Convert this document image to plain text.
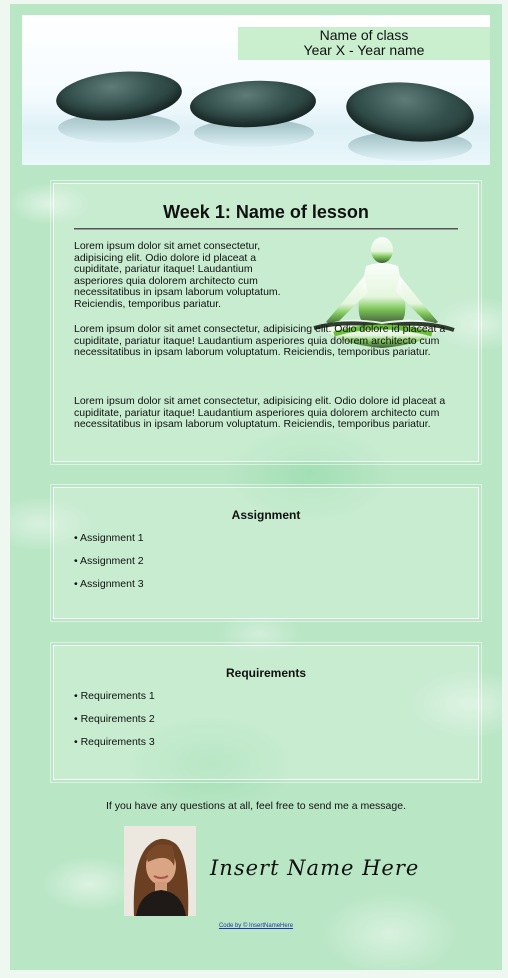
Name of class
Year X - Year name
Week 1: Name of lesson
Lorem ipsum dolor sit amet consectetur, adipisicing elit. Odio dolore id placeat a cupiditate, pariatur itaque! Laudantium asperiores quia dolorem architecto cum necessitatibus in ipsam laborum voluptatum. Reiciendis, temporibus pariatur.
Lorem ipsum dolor sit amet consectetur, adipisicing elit. Odio dolore id placeat a cupiditate, pariatur itaque! Laudantium asperiores quia dolorem architecto cum necessitatibus in ipsam laborum voluptatum. Reiciendis, temporibus pariatur.
Lorem ipsum dolor sit amet consectetur, adipisicing elit. Odio dolore id placeat a cupiditate, pariatur itaque! Laudantium asperiores quia dolorem architecto cum necessitatibus in ipsam laborum voluptatum. Reiciendis, temporibus pariatur.
Assignment
• Assignment 1
• Assignment 2
• Assignment 3
Requirements
• Requirements 1
• Requirements 2
• Requirements 3
If you have any questions at all, feel free to send me a message.
Insert Name Here
Code by © InsertNameHere
